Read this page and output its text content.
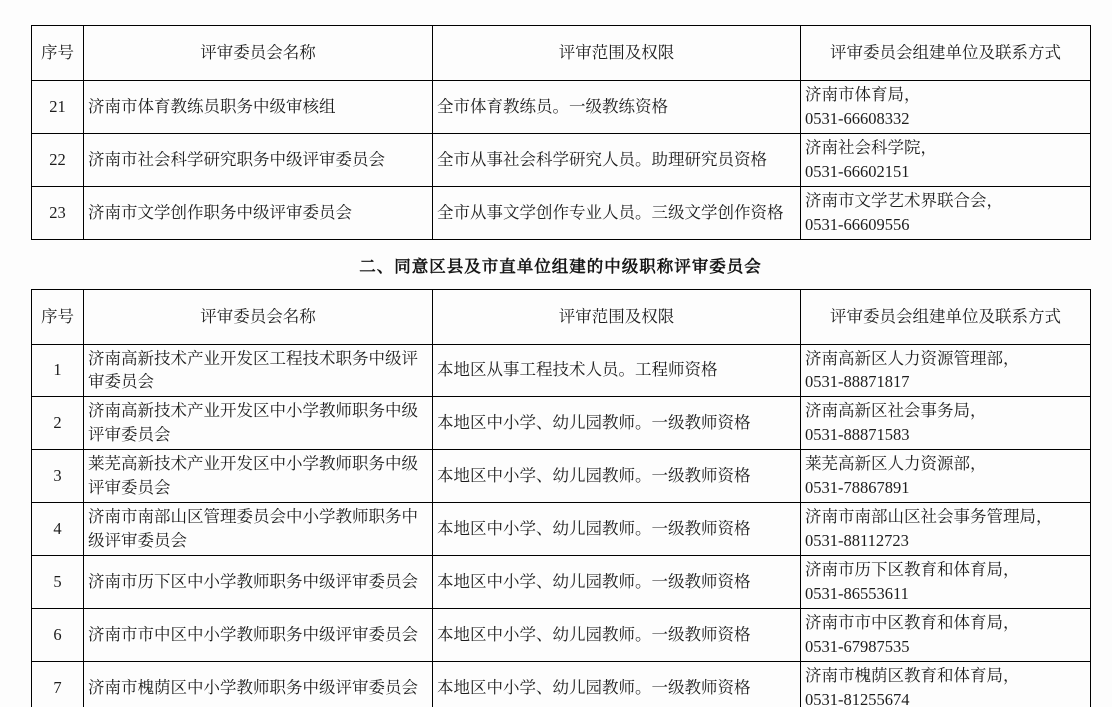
序号	评审委员会名称	评审范围及权限	评审委员会组建单位及联系方式
21	济南市体育教练员职务中级审核组	全市体育教练员。一级教练资格	济南市体育局，
0531-66608332

22	济南市社会科学研究职务中级评审委员会	全市从事社会科学研究人员。助理研究员资格	济南社会科学院，
0531-66602151

23	济南市文学创作职务中级评审委员会	全市从事文学创作专业人员。三级文学创作资格	济南市文学艺术界联合会，
0531-66609556
二、同意区县及市直单位组建的中级职称评审委员会
序号	评审委员会名称	评审范围及权限	评审委员会组建单位及联系方式
1	济南高新技术产业开发区工程技术职务中级评审委员会	本地区从事工程技术人员。工程师资格	济南高新区人力资源管理部，
0531-88871817

2	济南高新技术产业开发区中小学教师职务中级评审委员会	本地区中小学、幼儿园教师。一级教师资格	济南高新区社会事务局，
0531-88871583

3	莱芜高新技术产业开发区中小学教师职务中级评审委员会	本地区中小学、幼儿园教师。一级教师资格	莱芜高新区人力资源部，
0531-78867891

4	济南市南部山区管理委员会中小学教师职务中级评审委员会	本地区中小学、幼儿园教师。一级教师资格	济南市南部山区社会事务管理局，
0531-88112723

5	济南市历下区中小学教师职务中级评审委员会	本地区中小学、幼儿园教师。一级教师资格	济南市历下区教育和体育局，
0531-86553611

6	济南市市中区中小学教师职务中级评审委员会	本地区中小学、幼儿园教师。一级教师资格	济南市市中区教育和体育局，
0531-67987535

7	济南市槐荫区中小学教师职务中级评审委员会	本地区中小学、幼儿园教师。一级教师资格	济南市槐荫区教育和体育局，
0531-81255674
